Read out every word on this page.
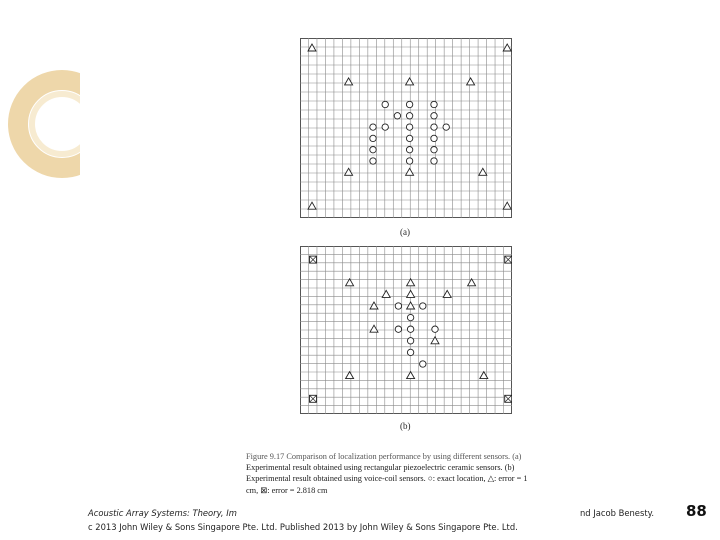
(a)
(b)
Figure 9.17 Comparison of localization performance by using different sensors. (a)
Experimental result obtained using rectangular piezoelectric ceramic sensors. (b)
Experimental result obtained using voice-coil sensors. ○: exact location, △: error = 1
cm, ⊠: error = 2.818 cm
Acoustic Array Systems: Theory, Im	nd Jacob Benesty.
c 2013 John Wiley & Sons Singapore Pte. Ltd. Published 2013 by John Wiley & Sons Singapore Pte. Ltd.
88
